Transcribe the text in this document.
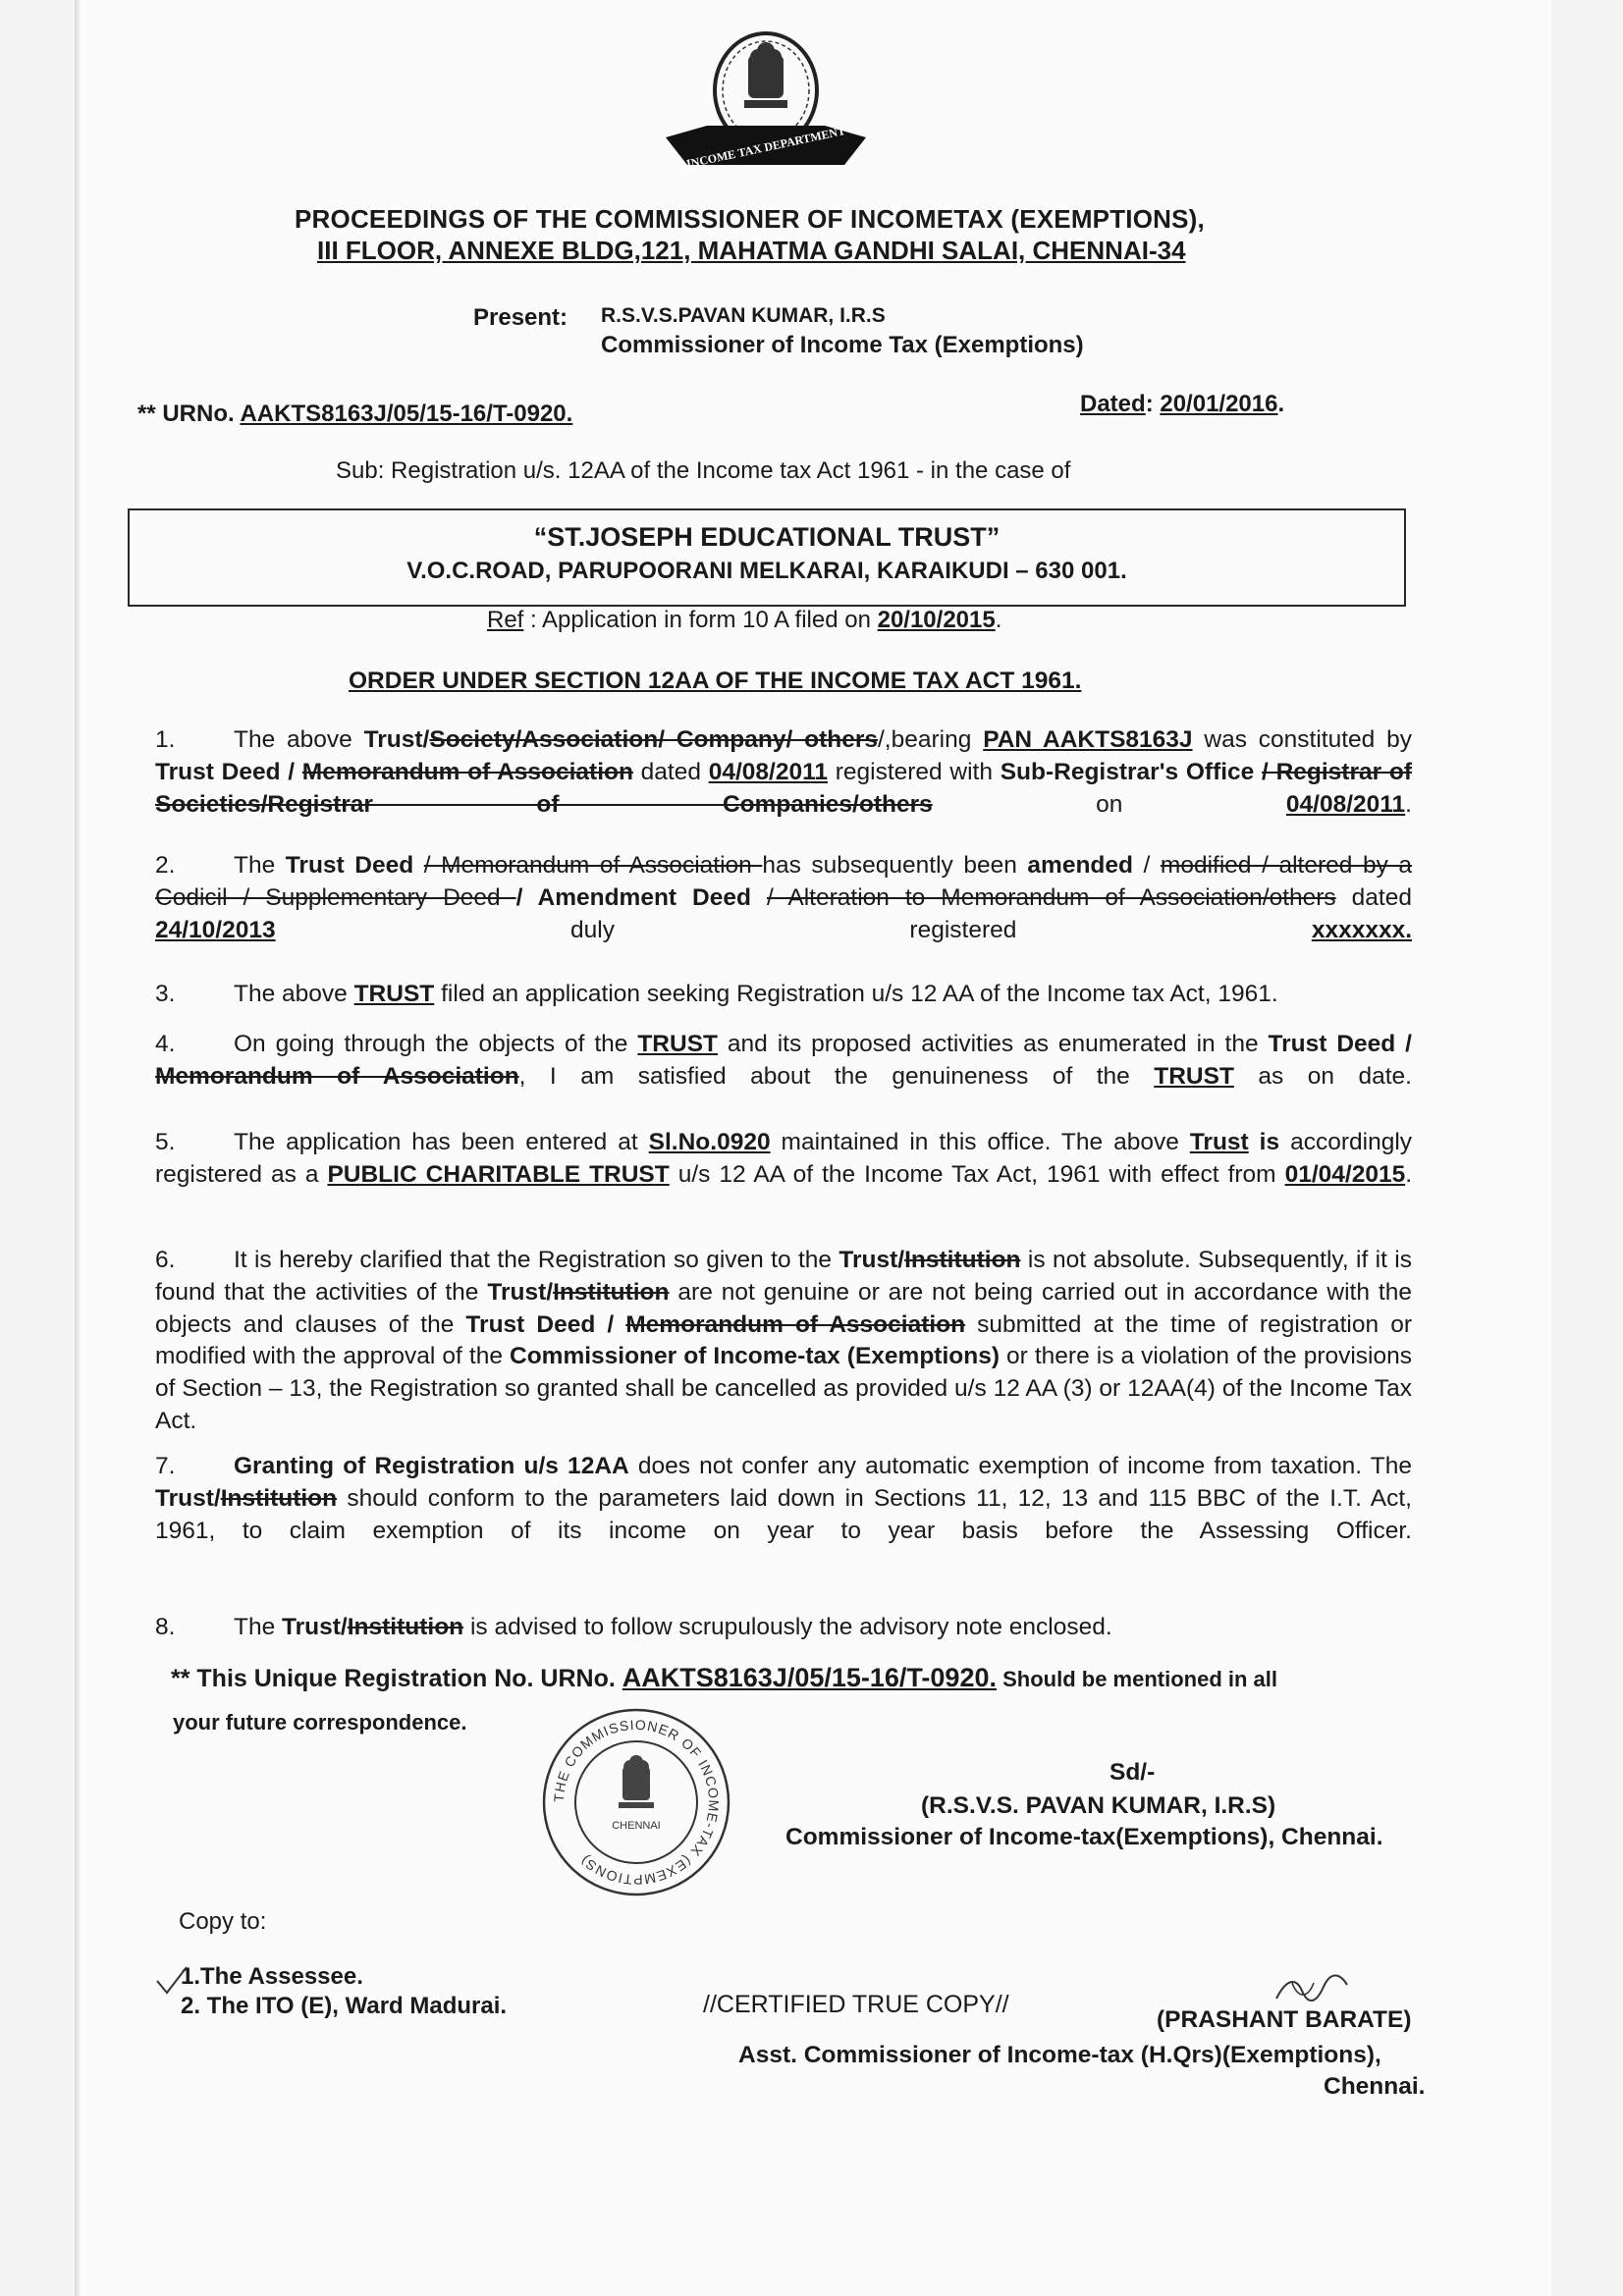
INCOME TAX DEPARTMENT
PROCEEDINGS OF THE COMMISSIONER OF INCOMETAX (EXEMPTIONS),
III FLOOR, ANNEXE BLDG,121, MAHATMA GANDHI SALAI, CHENNAI-34
Present: R.S.V.S.PAVAN KUMAR, I.R.S
Commissioner of Income Tax (Exemptions)
** URNo. AAKTS8163J/05/15-16/T-0920.	Dated: 20/01/2016.
Sub: Registration u/s. 12AA of the Income tax Act 1961 - in the case of
“ST.JOSEPH EDUCATIONAL TRUST”
V.O.C.ROAD, PARUPOORANI MELKARAI, KARAIKUDI – 630 001.
Ref : Application in form 10 A filed on 20/10/2015.
ORDER UNDER SECTION 12AA OF THE INCOME TAX ACT 1961.
1. The above Trust/Society/Association/ Company/ others/,bearing PAN AAKTS8163J was constituted by Trust Deed / Memorandum of Association dated 04/08/2011 registered with Sub-Registrar's Office / Registrar of Societies/Registrar of Companies/others on 04/08/2011.
2. The Trust Deed / Memorandum of Association has subsequently been amended / modified / altered by a Codicil / Supplementary Deed / Amendment Deed / Alteration to Memorandum of Association/others dated 24/10/2013 duly registered xxxxxxx.
3. The above TRUST filed an application seeking Registration u/s 12 AA of the Income tax Act, 1961.
4. On going through the objects of the TRUST and its proposed activities as enumerated in the Trust Deed / Memorandum of Association, I am satisfied about the genuineness of the TRUST as on date.
5. The application has been entered at Sl.No.0920 maintained in this office. The above Trust is accordingly registered as a PUBLIC CHARITABLE TRUST u/s 12 AA of the Income Tax Act, 1961 with effect from 01/04/2015.
6. It is hereby clarified that the Registration so given to the Trust/Institution is not absolute. Subsequently, if it is found that the activities of the Trust/Institution are not genuine or are not being carried out in accordance with the objects and clauses of the Trust Deed / Memorandum of Association submitted at the time of registration or modified with the approval of the Commissioner of Income-tax (Exemptions) or there is a violation of the provisions of Section – 13, the Registration so granted shall be cancelled as provided u/s 12 AA (3) or 12AA(4) of the Income Tax Act.
7. Granting of Registration u/s 12AA does not confer any automatic exemption of income from taxation. The Trust/Institution should conform to the parameters laid down in Sections 11, 12, 13 and 115 BBC of the I.T. Act, 1961, to claim exemption of its income on year to year basis before the Assessing Officer.
8. The Trust/Institution is advised to follow scrupulously the advisory note enclosed.
** This Unique Registration No. URNo. AAKTS8163J/05/15-16/T-0920. Should be mentioned in all
your future correspondence.
THE COMMISSIONER OF INCOME-TAX (EXEMPTIONS)
CHENNAI
Sd/-
(R.S.V.S. PAVAN KUMAR, I.R.S)
Commissioner of Income-tax(Exemptions), Chennai.
Copy to:
1.The Assessee.
2. The ITO (E), Ward Madurai.	//CERTIFIED TRUE COPY//
(PRASHANT BARATE)
Asst. Commissioner of Income-tax (H.Qrs)(Exemptions),
Chennai.
